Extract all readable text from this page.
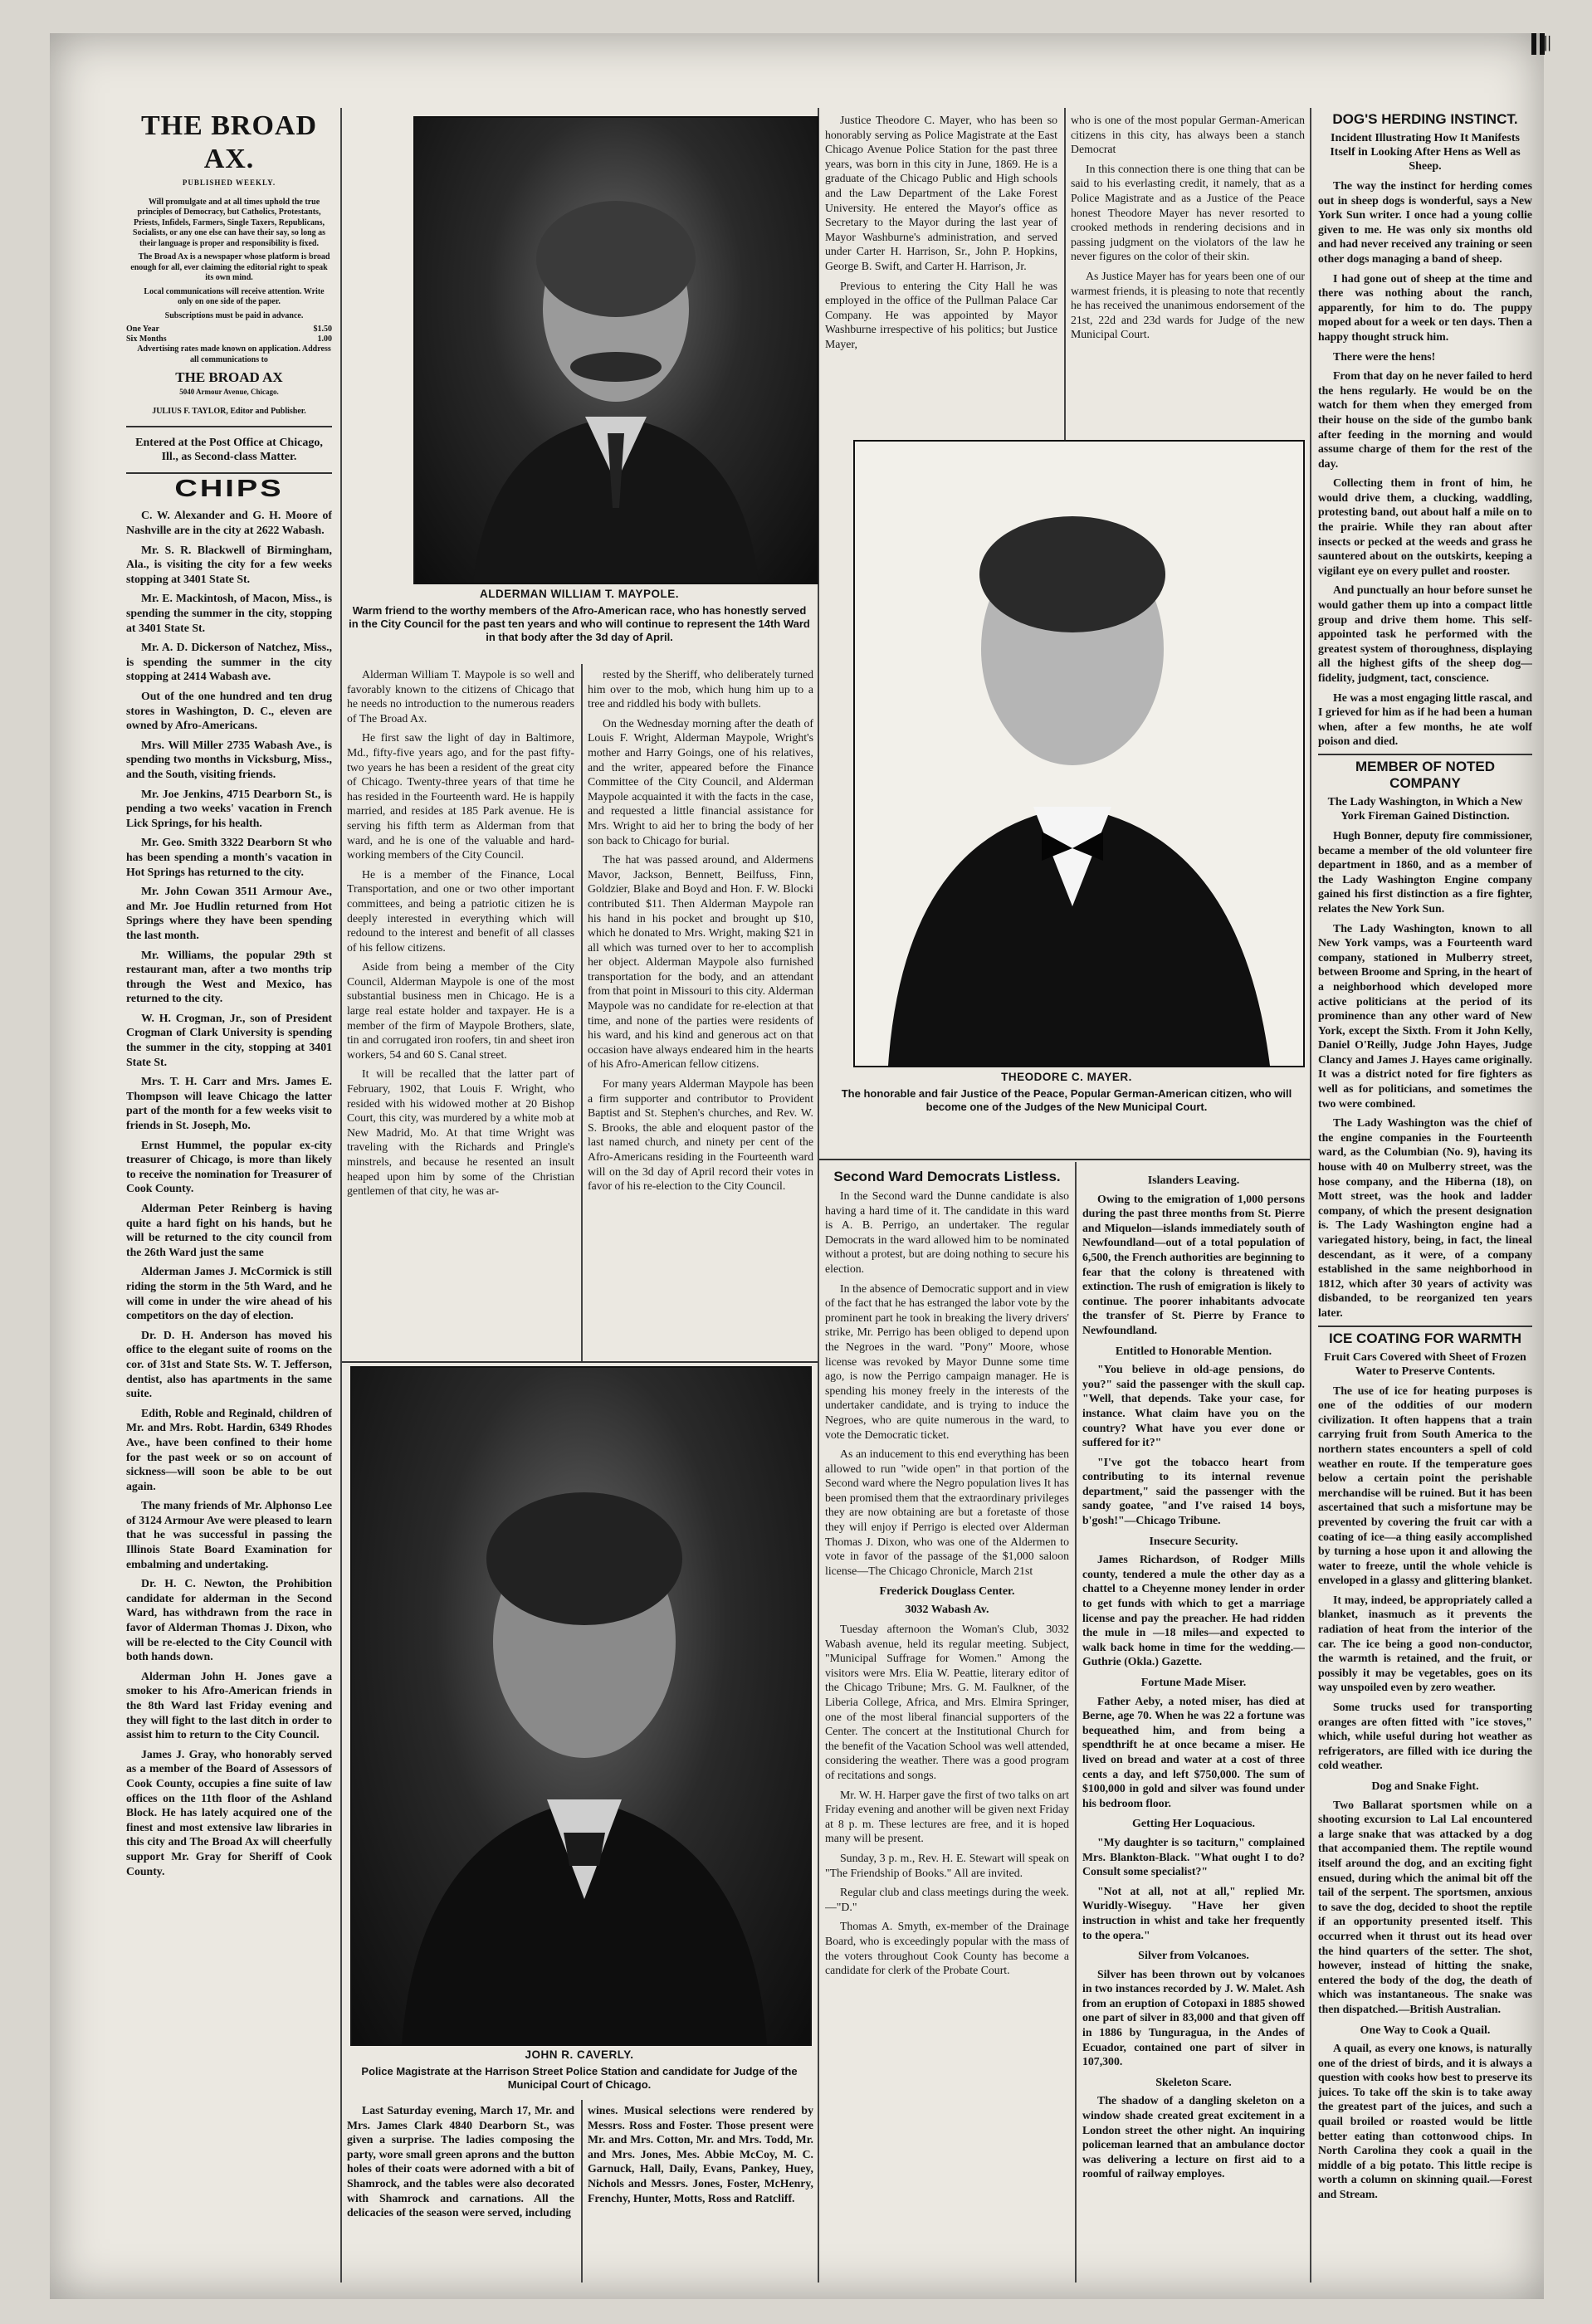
THE BROAD AX.
PUBLISHED WEEKLY.

Will promulgate and at all times uphold the true principles of Democracy, but Catholics, Protestants, Priests, Infidels, Farmers, Single Taxers, Republicans, Socialists, or any one else can have their say, so long as their language is proper and responsibility is fixed.

The Broad Ax is a newspaper whose platform is broad enough for all, ever claiming the editorial right to speak its own mind.

Local communications will receive attention. Write only on one side of the paper.

Subscriptions must be paid in advance.

One Year	$1.50
Six Months	1.00

Advertising rates made known on application. Address all communications to

THE BROAD AX
5040 Armour Avenue, Chicago.
JULIUS F. TAYLOR, Editor and Publisher.
Entered at the Post Office at Chicago, Ill., as Second-class Matter.
CHIPS

C. W. Alexander and G. H. Moore of Nashville are in the city at 2622 Wabash.

Mr. S. R. Blackwell of Birmingham, Ala., is visiting the city for a few weeks stopping at 3401 State St.

Mr. E. Mackintosh, of Macon, Miss., is spending the summer in the city, stopping at 3401 State St.

Mr. A. D. Dickerson of Natchez, Miss., is spending the summer in the city stopping at 2414 Wabash ave.

Out of the one hundred and ten drug stores in Washington, D. C., eleven are owned by Afro-Americans.

Mrs. Will Miller 2735 Wabash Ave., is spending two months in Vicksburg, Miss., and the South, visiting friends.

Mr. Joe Jenkins, 4715 Dearborn St., is pending a two weeks' vacation in French Lick Springs, for his health.

Mr. Geo. Smith 3322 Dearborn St who has been spending a month's vacation in Hot Springs has returned to the city.

Mr. John Cowan 3511 Armour Ave., and Mr. Joe Hudlin returned from Hot Springs where they have been spending the last month.

Mr. Williams, the popular 29th st restaurant man, after a two months trip through the West and Mexico, has returned to the city.

W. H. Crogman, Jr., son of President Crogman of Clark University is spending the summer in the city, stopping at 3401 State St.

Mrs. T. H. Carr and Mrs. James E. Thompson will leave Chicago the latter part of the month for a few weeks visit to friends in St. Joseph, Mo.

Ernst Hummel, the popular ex-city treasurer of Chicago, is more than likely to receive the nomination for Treasurer of Cook County.

Alderman Peter Reinberg is having quite a hard fight on his hands, but he will be returned to the city council from the 26th Ward just the same

Alderman James J. McCormick is still riding the storm in the 5th Ward, and he will come in under the wire ahead of his competitors on the day of election.

Dr. D. H. Anderson has moved his office to the elegant suite of rooms on the cor. of 31st and State Sts. W. T. Jefferson, dentist, also has apartments in the same suite.

Edith, Roble and Reginald, children of Mr. and Mrs. Robt. Hardin, 6349 Rhodes Ave., have been confined to their home for the past week or so on account of sickness—will soon be able to be out again.

The many friends of Mr. Alphonso Lee of 3124 Armour Ave were pleased to learn that he was successful in passing the Illinois State Board Examination for embalming and undertaking.

Dr. H. C. Newton, the Prohibition candidate for alderman in the Second Ward, has withdrawn from the race in favor of Alderman Thomas J. Dixon, who will be re-elected to the City Council with both hands down.

Alderman John H. Jones gave a smoker to his Afro-American friends in the 8th Ward last Friday evening and they will fight to the last ditch in order to assist him to return to the City Council.

James J. Gray, who honorably served as a member of the Board of Assessors of Cook County, occupies a fine suite of law offices on the 11th floor of the Ashland Block. He has lately acquired one of the finest and most extensive law libraries in this city and The Broad Ax will cheerfully support Mr. Gray for Sheriff of Cook County.

ALDERMAN WILLIAM T. MAYPOLE.
Warm friend to the worthy members of the Afro-American race, who has honestly served in the City Council for the past ten years and who will continue to represent the 14th Ward in that body after the 3d day of April.

Alderman William T. Maypole is so well and favorably known to the citizens of Chicago that he needs no introduction to the numerous readers of The Broad Ax.

He first saw the light of day in Baltimore, Md., fifty-five years ago, and for the past fifty-two years he has been a resident of the great city of Chicago. Twenty-three years of that time he has resided in the Fourteenth ward. He is happily married, and resides at 185 Park avenue. He is serving his fifth term as Alderman from that ward, and he is one of the valuable and hard-working members of the City Council.

He is a member of the Finance, Local Transportation, and one or two other important committees, and being a patriotic citizen he is deeply interested in everything which will redound to the interest and benefit of all classes of his fellow citizens.

Aside from being a member of the City Council, Alderman Maypole is one of the most substantial business men in Chicago. He is a large real estate holder and taxpayer. He is a member of the firm of Maypole Brothers, slate, tin and corrugated iron roofers, tin and sheet iron workers, 54 and 60 S. Canal street.

It will be recalled that the latter part of February, 1902, that Louis F. Wright, who resided with his widowed mother at 20 Bishop Court, this city, was murdered by a white mob at New Madrid, Mo. At that time Wright was traveling with the Richards and Pringle's minstrels, and because he resented an insult heaped upon him by some of the Christian gentlemen of that city, he was ar-

rested by the Sheriff, who deliberately turned him over to the mob, which hung him up to a tree and riddled his body with bullets.

On the Wednesday morning after the death of Louis F. Wright, Alderman Maypole, Wright's mother and Harry Goings, one of his relatives, and the writer, appeared before the Finance Committee of the City Council, and Alderman Maypole acquainted it with the facts in the case, and requested a little financial assistance for Mrs. Wright to aid her to bring the body of her son back to Chicago for burial.

The hat was passed around, and Aldermens Mavor, Jackson, Bennett, Beilfuss, Finn, Goldzier, Blake and Boyd and Hon. F. W. Blocki contributed $11. Then Alderman Maypole ran his hand in his pocket and brought up $10, which he donated to Mrs. Wright, making $21 in all which was turned over to her to accomplish her object. Alderman Maypole also furnished transportation for the body, and an attendant from that point in Missouri to this city. Alderman Maypole was no candidate for re-election at that time, and none of the parties were residents of his ward, and his kind and generous act on that occasion have always endeared him in the hearts of his Afro-American fellow citizens.

For many years Alderman Maypole has been a firm supporter and contributor to Provident Baptist and St. Stephen's churches, and Rev. W. S. Brooks, the able and eloquent pastor of the last named church, and ninety per cent of the Afro-Americans residing in the Fourteenth ward will on the 3d day of April record their votes in favor of his re-election to the City Council.

JOHN R. CAVERLY.
Police Magistrate at the Harrison Street Police Station and candidate for Judge of the Municipal Court of Chicago.

Last Saturday evening, March 17, Mr. and Mrs. James Clark 4840 Dearborn St., was given a surprise. The ladies composing the party, wore small green aprons and the button holes of their coats were adorned with a bit of Shamrock, and the tables were also decorated with Shamrock and carnations. All the delicacies of the season were served, including

wines. Musical selections were rendered by Messrs. Ross and Foster. Those present were Mr. and Mrs. Cotton, Mr. and Mrs. Todd, Mr. and Mrs. Jones, Mes. Abbie McCoy, M. C. Garnuck, Hall, Daily, Evans, Pankey, Huey, Nichols and Messrs. Jones, Foster, McHenry, Frenchy, Hunter, Motts, Ross and Ratcliff.

Justice Theodore C. Mayer, who has been so honorably serving as Police Magistrate at the East Chicago Avenue Police Station for the past three years, was born in this city in June, 1869. He is a graduate of the Chicago Public and High schools and the Law Department of the Lake Forest University. He entered the Mayor's office as Secretary to the Mayor during the last year of Mayor Washburne's administration, and served under Carter H. Harrison, Sr., John P. Hopkins, George B. Swift, and Carter H. Harrison, Jr.

Previous to entering the City Hall he was employed in the office of the Pullman Palace Car Company. He was appointed by Mayor Washburne irrespective of his politics; but Justice Mayer,

who is one of the most popular German-American citizens in this city, has always been a stanch Democrat

In this connection there is one thing that can be said to his everlasting credit, it namely, that as a Police Magistrate and as a Justice of the Peace honest Theodore Mayer has never resorted to crooked methods in rendering decisions and in passing judgment on the violators of the law he never figures on the color of their skin.

As Justice Mayer has for years been one of our warmest friends, it is pleasing to note that recently he has received the unanimous endorsement of the 21st, 22d and 23d wards for Judge of the new Municipal Court.

THEODORE C. MAYER.
The honorable and fair Justice of the Peace, Popular German-American citizen, who will become one of the Judges of the New Municipal Court.
Second Ward Democrats Listless.

In the Second ward the Dunne candidate is also having a hard time of it. The candidate in this ward is A. B. Perrigo, an undertaker. The regular Democrats in the ward allowed him to be nominated without a protest, but are doing nothing to secure his election.

In the absence of Democratic support and in view of the fact that he has estranged the labor vote by the prominent part he took in breaking the livery drivers' strike, Mr. Perrigo has been obliged to depend upon the Negroes in the ward. "Pony" Moore, whose license was revoked by Mayor Dunne some time ago, is now the Perrigo campaign manager. He is spending his money freely in the interests of the undertaker candidate, and is trying to induce the Negroes, who are quite numerous in the ward, to vote the Democratic ticket.

As an inducement to this end everything has been allowed to run "wide open" in that portion of the Second ward where the Negro population lives It has been promised them that the extraordinary privileges they are now obtaining are but a foretaste of those they will enjoy if Perrigo is elected over Alderman Thomas J. Dixon, who was one of the Aldermen to vote in favor of the passage of the $1,000 saloon license—The Chicago Chronicle, March 21st

Frederick Douglass Center.
3032 Wabash Av.

Tuesday afternoon the Woman's Club, 3032 Wabash avenue, held its regular meeting. Subject, "Municipal Suffrage for Women." Among the visitors were Mrs. Elia W. Peattie, literary editor of the Chicago Tribune; Mrs. G. M. Faulkner, of the Liberia College, Africa, and Mrs. Elmira Springer, one of the most liberal financial supporters of the Center. The concert at the Institutional Church for the benefit of the Vacation School was well attended, considering the weather. There was a good program of recitations and songs.

Mr. W. H. Harper gave the first of two talks on art Friday evening and another will be given next Friday at 8 p. m. These lectures are free, and it is hoped many will be present.

Sunday, 3 p. m., Rev. H. E. Stewart will speak on "The Friendship of Books." All are invited.

Regular club and class meetings during the week.—"D."

Thomas A. Smyth, ex-member of the Drainage Board, who is exceedingly popular with the mass of the voters throughout Cook County has become a candidate for clerk of the Probate Court.

Islanders Leaving.

Owing to the emigration of 1,000 persons during the past three months from St. Pierre and Miquelon—islands immediately south of Newfoundland—out of a total population of 6,500, the French authorities are beginning to fear that the colony is threatened with extinction. The rush of emigration is likely to continue. The poorer inhabitants advocate the transfer of St. Pierre by France to Newfoundland.

Entitled to Honorable Mention.

"You believe in old-age pensions, do you?" said the passenger with the skull cap. "Well, that depends. Take your case, for instance. What claim have you on the country? What have you ever done or suffered for it?"

"I've got the tobacco heart from contributing to its internal revenue department," said the passenger with the sandy goatee, "and I've raised 14 boys, b'gosh!"—Chicago Tribune.

Insecure Security.

James Richardson, of Rodger Mills county, tendered a mule the other day as a chattel to a Cheyenne money lender in order to get funds with which to get a marriage license and pay the preacher. He had ridden the mule in —18 miles—and expected to walk back home in time for the wedding.—Guthrie (Okla.) Gazette.

Fortune Made Miser.

Father Aeby, a noted miser, has died at Berne, age 70. When he was 22 a fortune was bequeathed him, and from being a spendthrift he at once became a miser. He lived on bread and water at a cost of three cents a day, and left $750,000. The sum of $100,000 in gold and silver was found under his bedroom floor.

Getting Her Loquacious.

"My daughter is so taciturn," complained Mrs. Blankton-Black. "What ought I to do? Consult some specialist?"

"Not at all, not at all," replied Mr. Wuridly-Wiseguy. "Have her given instruction in whist and take her frequently to the opera."

Silver from Volcanoes.

Silver has been thrown out by volcanoes in two instances recorded by J. W. Malet. Ash from an eruption of Cotopaxi in 1885 showed one part of silver in 83,000 and that given off in 1886 by Tunguragua, in the Andes of Ecuador, contained one part of silver in 107,300.

Skeleton Scare.

The shadow of a dangling skeleton on a window shade created great excitement in a London street the other night. An inquiring policeman learned that an ambulance doctor was delivering a lecture on first aid to a roomful of railway employes.

DOG'S HERDING INSTINCT.
Incident Illustrating How It Manifests Itself in Looking After Hens as Well as Sheep.

The way the instinct for herding comes out in sheep dogs is wonderful, says a New York Sun writer. I once had a young collie given to me. He was only six months old and had never received any training or seen other dogs managing a band of sheep.

I had gone out of sheep at the time and there was nothing about the ranch, apparently, for him to do. The puppy moped about for a week or ten days. Then a happy thought struck him.

There were the hens!

From that day on he never failed to herd the hens regularly. He would be on the watch for them when they emerged from their house on the side of the gumbo bank after feeding in the morning and would assume charge of them for the rest of the day.

Collecting them in front of him, he would drive them, a clucking, waddling, protesting band, out about half a mile on to the prairie. While they ran about after insects or pecked at the weeds and grass he sauntered about on the outskirts, keeping a vigilant eye on every pullet and rooster.

And punctually an hour before sunset he would gather them up into a compact little group and drive them home. This self-appointed task he performed with the greatest system of thoroughness, displaying all the highest gifts of the sheep dog—fidelity, judgment, tact, conscience.

He was a most engaging little rascal, and I grieved for him as if he had been a human when, after a few months, he ate wolf poison and died.

MEMBER OF NOTED COMPANY
The Lady Washington, in Which a New York Fireman Gained Distinction.

Hugh Bonner, deputy fire commissioner, became a member of the old volunteer fire department in 1860, and as a member of the Lady Washington Engine company gained his first distinction as a fire fighter, relates the New York Sun.

The Lady Washington, known to all New York vamps, was a Fourteenth ward company, stationed in Mulberry street, between Broome and Spring, in the heart of a neighborhood which developed more active politicians at the period of its prominence than any other ward of New York, except the Sixth. From it John Kelly, Daniel O'Reilly, Judge John Hayes, Judge Clancy and James J. Hayes came originally. It was a district noted for fire fighters as well as for politicians, and sometimes the two were combined.

The Lady Washington was the chief of the engine companies in the Fourteenth ward, as the Columbian (No. 9), having its house with 40 on Mulberry street, was the hose company, and the Hiberna (18), on Mott street, was the hook and ladder company, of which the present designation is. The Lady Washington engine had a variegated history, being, in fact, the lineal descendant, as it were, of a company established in the same neighborhood in 1812, which after 30 years of activity was disbanded, to be reorganized ten years later.

ICE COATING FOR WARMTH
Fruit Cars Covered with Sheet of Frozen Water to Preserve Contents.

The use of ice for heating purposes is one of the oddities of our modern civilization. It often happens that a train carrying fruit from South America to the northern states encounters a spell of cold weather en route. If the temperature goes below a certain point the perishable merchandise will be ruined. But it has been ascertained that such a misfortune may be prevented by covering the fruit car with a coating of ice—a thing easily accomplished by turning a hose upon it and allowing the water to freeze, until the whole vehicle is enveloped in a glassy and glittering blanket.

It may, indeed, be appropriately called a blanket, inasmuch as it prevents the radiation of heat from the interior of the car. The ice being a good non-conductor, the warmth is retained, and the fruit, or possibly it may be vegetables, goes on its way unspoiled even by zero weather.

Some trucks used for transporting oranges are often fitted with "ice stoves," which, while useful during hot weather as refrigerators, are filled with ice during the cold weather.

Dog and Snake Fight.

Two Ballarat sportsmen while on a shooting excursion to Lal Lal encountered a large snake that was attacked by a dog that accompanied them. The reptile wound itself around the dog, and an exciting fight ensued, during which the animal bit off the tail of the serpent. The sportsmen, anxious to save the dog, decided to shoot the reptile if an opportunity presented itself. This occurred when it thrust out its head over the hind quarters of the setter. The shot, however, instead of hitting the snake, entered the body of the dog, the death of which was instantaneous. The snake was then dispatched.—British Australian.

One Way to Cook a Quail.

A quail, as every one knows, is naturally one of the driest of birds, and it is always a question with cooks how best to preserve its juices. To take off the skin is to take away the greatest part of the juices, and such a quail broiled or roasted would be little better eating than cottonwood chips. In North Carolina they cook a quail in the middle of a big potato. This little recipe is worth a column on skinning quail.—Forest and Stream.

||
